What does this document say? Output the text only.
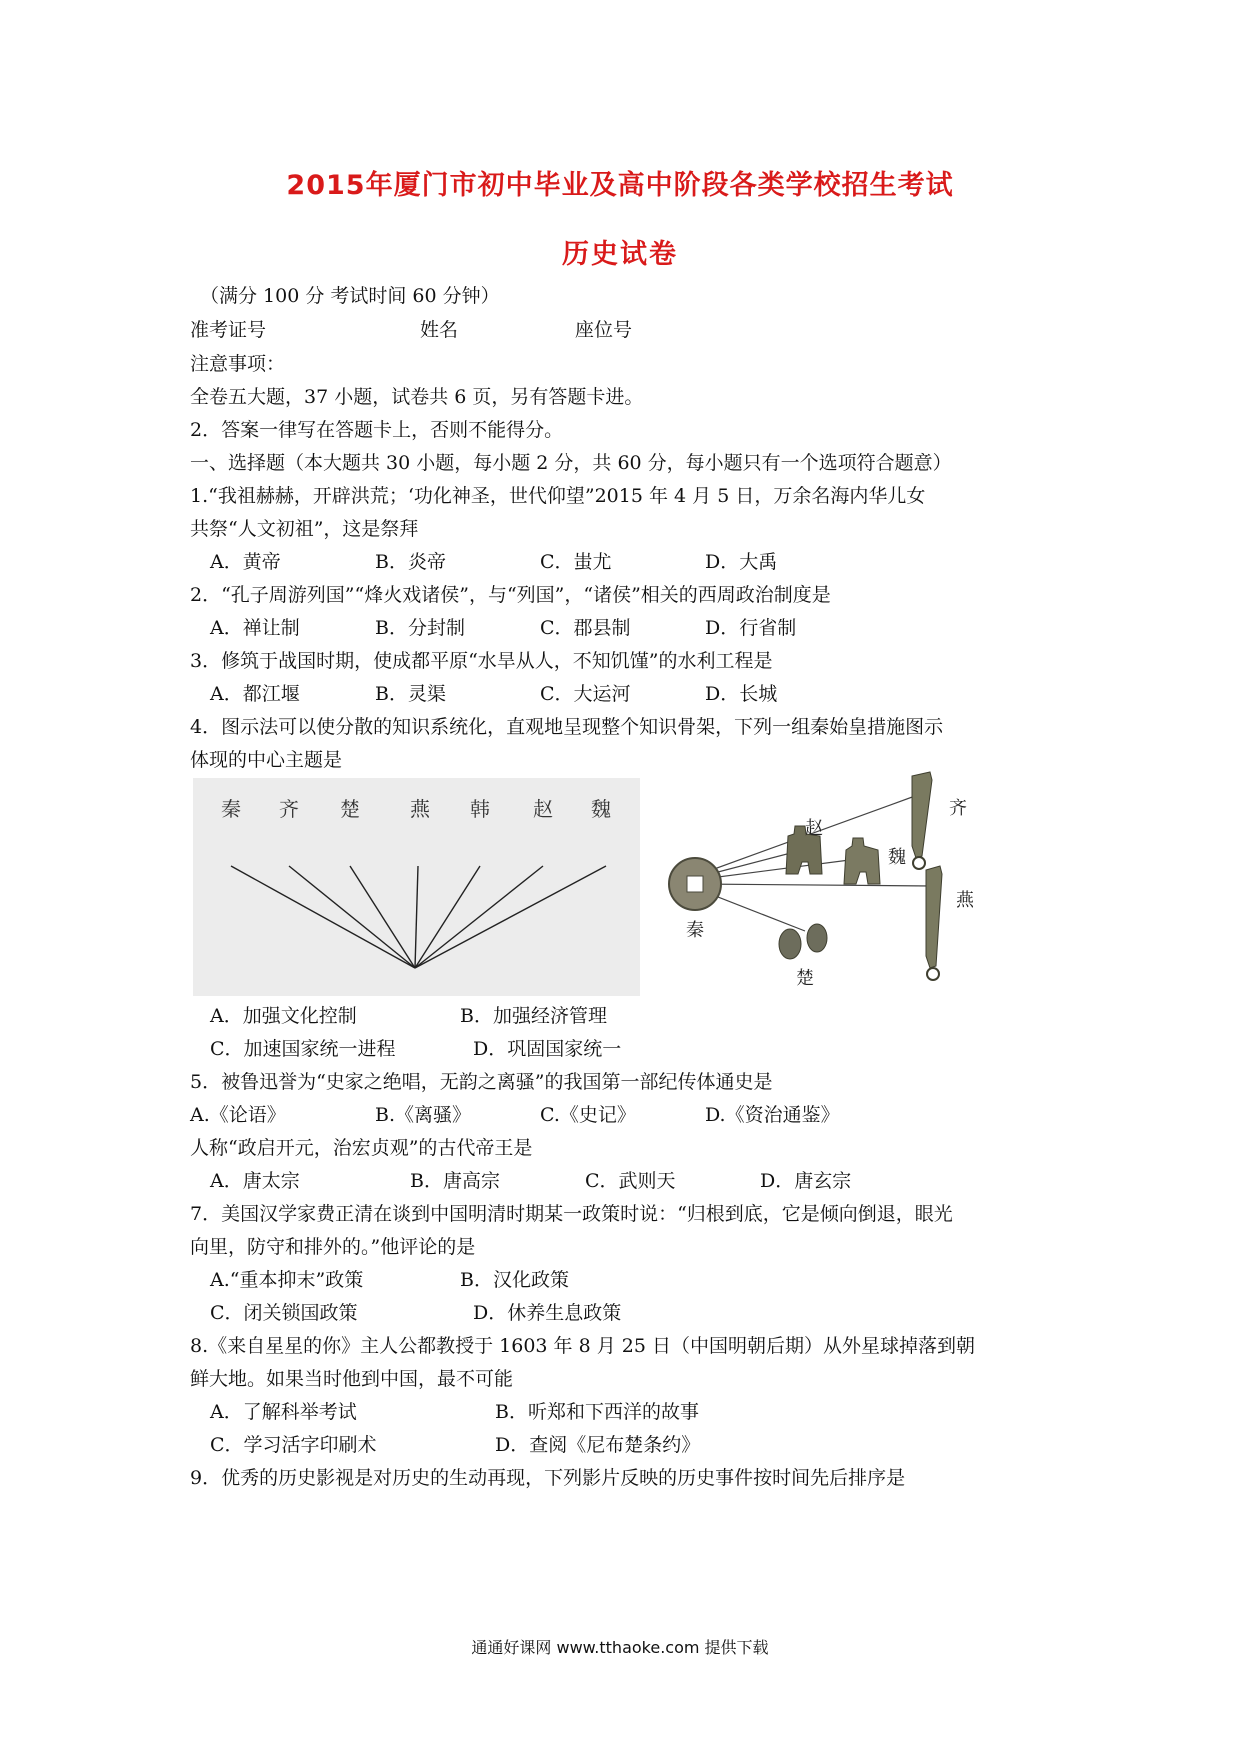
2015年厦门市初中毕业及高中阶段各类学校招生考试
历史试卷
（满分 100 分 考试时间 60 分钟）
准考证号	姓名	座位号
注意事项：
全卷五大题，37 小题，试卷共 6 页，另有答题卡进。
2．答案一律写在答题卡上，否则不能得分。
一、选择题（本大题共 30 小题，每小题 2 分，共 60 分，每小题只有一个选项符合题意）
1.“我祖赫赫，开辟洪荒；‘功化神圣，世代仰望”2015 年 4 月 5 日，万余名海内华儿女
共祭“人文初祖”，这是祭拜
A．黄帝	B．炎帝	C．蚩尤	D．大禹
2．“孔子周游列国”“烽火戏诸侯”，与“列国”，“诸侯”相关的西周政治制度是
A．禅让制	B．分封制	C．郡县制	D．行省制
3．修筑于战国时期，使成都平原“水旱从人，不知饥馑”的水利工程是
A．都江堰	B．灵渠	C．大运河	D．长城
4．图示法可以使分散的知识系统化，直观地呈现整个知识骨架，下列一组秦始皇措施图示
体现的中心主题是
秦 齐 楚	燕 韩 赵 魏
秦
齐
赵
魏
燕
楚
A．加强文化控制	B．加强经济管理
C．加速国家统一进程	D．巩固国家统一
5．被鲁迅誉为“史家之绝唱，无韵之离骚”的我国第一部纪传体通史是
A.《论语》	B.《离骚》	C.《史记》	D.《资治通鉴》
人称“政启开元，治宏贞观”的古代帝王是
A．唐太宗	B．唐高宗	C．武则天	D．唐玄宗
7．美国汉学家费正清在谈到中国明清时期某一政策时说：“归根到底，它是倾向倒退，眼光
向里，防守和排外的。”他评论的是
A.“重本抑末”政策	B．汉化政策
C．闭关锁国政策	D．休养生息政策
8.《来自星星的你》主人公都教授于 1603 年 8 月 25 日（中国明朝后期）从外星球掉落到朝
鲜大地。如果当时他到中国，最不可能
A．了解科举考试	B．听郑和下西洋的故事
C．学习活字印刷术	D．查阅《尼布楚条约》
9．优秀的历史影视是对历史的生动再现，下列影片反映的历史事件按时间先后排序是
通通好课网 www.tthaoke.com 提供下载
